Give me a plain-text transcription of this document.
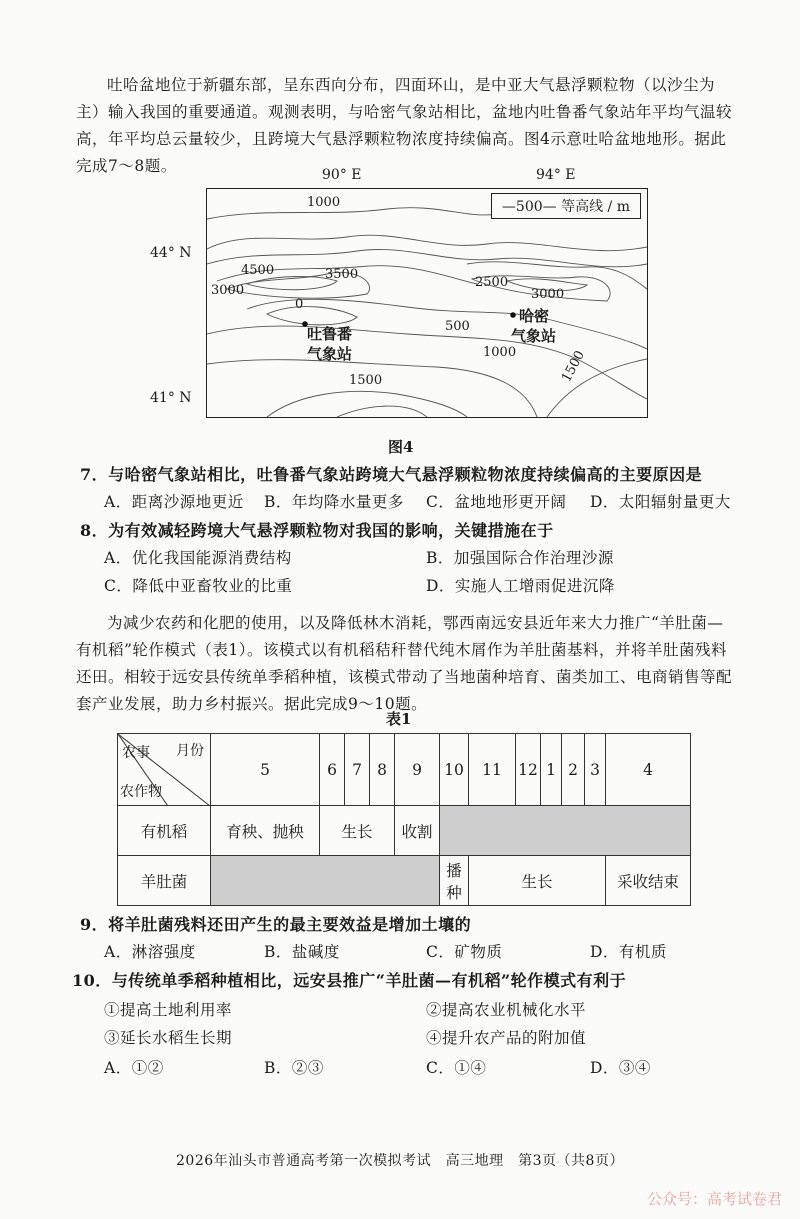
吐哈盆地位于新疆东部，呈东西向分布，四面环山，是中亚大气悬浮颗粒物（以沙尘为主）输入我国的重要通道。观测表明，与哈密气象站相比，盆地内吐鲁番气象站年平均气温较高，年平均总云量较少，且跨境大气悬浮颗粒物浓度持续偏高。图4示意吐哈盆地地形。据此完成7～8题。	90° E	94° E
44° N
41° N
—500— 等高线 / m
1000
4500	3500
3000
0
2500
3000
500
1000
1500	1500
吐鲁番
气象站
哈密
气象站
图4
7．与哈密气象站相比，吐鲁番气象站跨境大气悬浮颗粒物浓度持续偏高的主要原因是
A．距离沙源地更近 B．年均降水量更多 C．盆地地形更开阔 D．太阳辐射量更大
8．为有效减轻跨境大气悬浮颗粒物对我国的影响，关键措施在于
A．优化我国能源消费结构	B．加强国际合作治理沙源
C．降低中亚畜牧业的比重	D．实施人工增雨促进沉降
为减少农药和化肥的使用，以及降低林木消耗，鄂西南远安县近年来大力推广“羊肚菌—有机稻”轮作模式（表1）。该模式以有机稻秸秆替代纯木屑作为羊肚菌基料，并将羊肚菌残料还田。相较于远安县传统单季稻种植，该模式带动了当地菌种培育、菌类加工、电商销售等配套产业发展，助力乡村振兴。据此完成9～10题。
表1
月份
农事
农作物	5	6	7	8	9	10	11	12	1	2	3	4
有机稻	育秧、抛秧	生长			收割							
羊肚菌						播种	生长					采收结束
9．将羊肚菌残料还田产生的最主要效益是增加土壤的
A．淋溶强度	B．盐碱度	C．矿物质	D．有机质
10．与传统单季稻种植相比，远安县推广“羊肚菌—有机稻”轮作模式有利于
①提高土地利用率	②提高农业机械化水平
③延长水稻生长期	④提升农产品的附加值
A．①②	B．②③	C．①④	D．③④
2026年汕头市普通高考第一次模拟考试　高三地理　第3页（共8页）
公众号：高考试卷君
